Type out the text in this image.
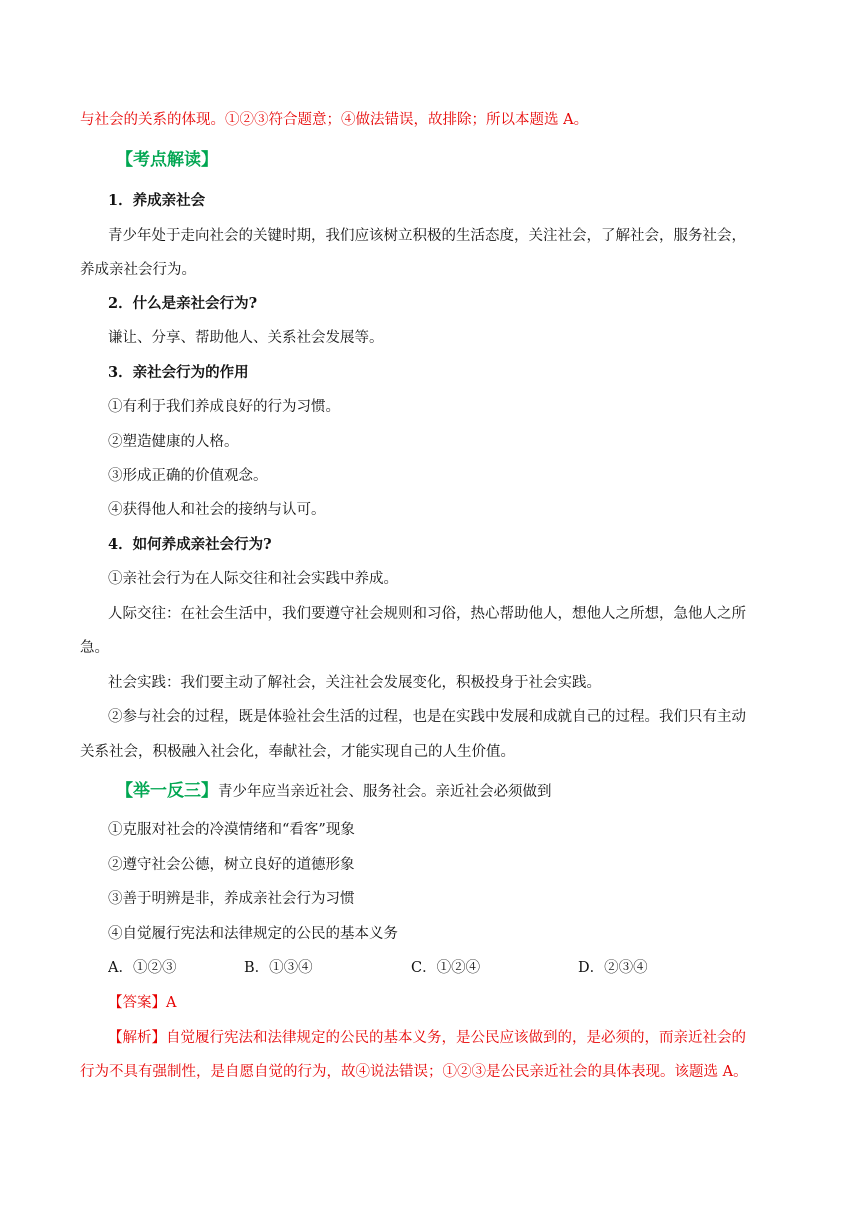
与社会的关系的体现。①②③符合题意；④做法错误，故排除；所以本题选 A。
【考点解读】
1．养成亲社会
青少年处于走向社会的关键时期，我们应该树立积极的生活态度，关注社会，了解社会，服务社会，
养成亲社会行为。
2．什么是亲社会行为?
谦让、分享、帮助他人、关系社会发展等。
3．亲社会行为的作用
①有利于我们养成良好的行为习惯。
②塑造健康的人格。
③形成正确的价值观念。
④获得他人和社会的接纳与认可。
4．如何养成亲社会行为?
①亲社会行为在人际交往和社会实践中养成。
人际交往：在社会生活中，我们要遵守社会规则和习俗，热心帮助他人，想他人之所想，急他人之所
急。
社会实践：我们要主动了解社会，关注社会发展变化，积极投身于社会实践。
②参与社会的过程，既是体验社会生活的过程，也是在实践中发展和成就自己的过程。我们只有主动
关系社会，积极融入社会化，奉献社会，才能实现自己的人生价值。
【举一反三】青少年应当亲近社会、服务社会。亲近社会必须做到
①克服对社会的冷漠情绪和“看客”现象
②遵守社会公德，树立良好的道德形象
③善于明辨是非，养成亲社会行为习惯
④自觉履行宪法和法律规定的公民的基本义务
A．①②③	B．①③④	C．①②④	D．②③④
【答案】A
【解析】自觉履行宪法和法律规定的公民的基本义务，是公民应该做到的，是必须的，而亲近社会的
行为不具有强制性，是自愿自觉的行为，故④说法错误；①②③是公民亲近社会的具体表现。该题选 A。
